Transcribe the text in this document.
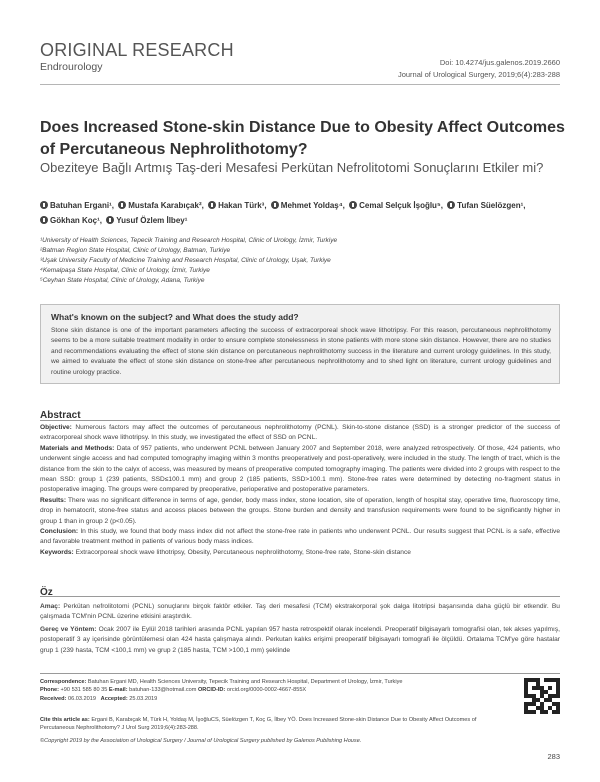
ORIGINAL RESEARCH
Endrourology	Doi: 10.4274/jus.galenos.2019.2660
Journal of Urological Surgery, 2019;6(4):283-288
Does Increased Stone-skin Distance Due to Obesity Affect Outcomes of Percutaneous Nephrolithotomy?
Obeziteye Bağlı Artmış Taş-deri Mesafesi Perkütan Nefrolitotomi Sonuçlarını Etkiler mi?
Batuhan Ergani¹, Mustafa Karabıçak², Hakan Türk³, Mehmet Yoldaş⁴, Cemal Selçuk İşoğlu⁵, Tufan Süelözgen¹,
Gökhan Koç¹, Yusuf Özlem İlbey¹
¹University of Health Sciences, Tepecik Training and Research Hospital, Clinic of Urology, İzmir, Turkiye
²Batman Region State Hospital, Clinic of Urology, Batman, Turkiye
³Uşak University Faculty of Medicine Training and Research Hospital, Clinic of Urology, Uşak, Turkiye
⁴Kemalpaşa State Hospital, Clinic of Urology, İzmir, Turkiye
⁵Ceyhan State Hospital, Clinic of Urology, Adana, Turkiye
What's known on the subject? and What does the study add?
Stone skin distance is one of the important parameters affecting the success of extracorporeal shock wave lithotripsy. For this reason, percutaneous nephrolithotomy seems to be a more suitable treatment modality in order to ensure complete stonelessness in stone patients with more stone skin distance. However, there are no studies and recommendations evaluating the effect of stone skin distance on percutaneous nephrolithotomy success in the literature and current urology guidelines. In this study, we aimed to evaluate the effect of stone skin distance on stone-free after percutaneous nephrolithotomy and to shed light on literature, current urology guidelines and routine urology practice.
Abstract

Objective: Numerous factors may affect the outcomes of percutaneous nephrolithotomy (PCNL). Skin-to-stone distance (SSD) is a stronger predictor of the success of extracorporeal shock wave lithotripsy. In this study, we investigated the effect of SSD on PCNL.

Materials and Methods: Data of 957 patients, who underwent PCNL between January 2007 and September 2018, were analyzed retrospectively. Of those, 424 patients, who underwent single access and had computed tomography imaging within 3 months preoperatively and post-operatively, were included in the study. The length of tract, which is the distance from the skin to the calyx of access, was measured by means of preoperative computed tomography imaging. The patients were divided into 2 groups with respect to the mean SSD: group 1 (239 patients, SSD≤100.1 mm) and group 2 (185 patients, SSD>100.1 mm). Stone-free rates were determined by detecting no-fragment status in postoperative imaging. The groups were compared by preoperative, perioperative and postoperative parameters.

Results: There was no significant difference in terms of age, gender, body mass index, stone location, site of operation, length of hospital stay, operative time, fluoroscopy time, drop in hematocrit, stone-free status and access places between the groups. Stone burden and density and transfusion requirements were found to be significantly higher in group 1 than in group 2 (p<0.05).

Conclusion: In this study, we found that body mass index did not affect the stone-free rate in patients who underwent PCNL. Our results suggest that PCNL is a safe, effective and favorable treatment method in patients of various body mass indices.

Keywords: Extracorporeal shock wave lithotripsy, Obesity, Percutaneous nephrolithotomy, Stone-free rate, Stone-skin distance

Öz

Amaç: Perkütan nefrolitotomi (PCNL) sonuçlarını birçok faktör etkiler. Taş deri mesafesi (TCM) ekstrakorporal şok dalga litotripsi başarısında daha güçlü bir etkendir. Bu çalışmada TCM'nin PCNL üzerine etkisini araştırdık.

Gereç ve Yöntem: Ocak 2007 ile Eylül 2018 tarihleri arasında PCNL yapılan 957 hasta retrospektif olarak incelendi. Preoperatif bilgisayarlı tomografisi olan, tek akses yapılmış, postoperatif 3 ay içerisinde görüntülemesi olan 424 hasta çalışmaya alındı. Perkutan kalıks erişimi preoperatif bilgisayarlı tomografi ile ölçüldü. Ortalama TCM'ye göre hastalar grup 1 (239 hasta, TCM <100,1 mm) ve grup 2 (185 hasta, TCM >100,1 mm) şeklinde

Correspondence: Batuhan Ergani MD, Health Sciences University, Tepecik Training and Research Hospital, Department of Urology, İzmir, Turkiye
Phone: +90 531 585 80 35 E-mail: batuhan-133@hotmail.com ORCID-ID: orcid.org/0000-0002-4667-855X
Received: 06.03.2019 Accepted: 25.03.2019
Cite this article as: Ergani B, Karabıçak M, Türk H, Yoldaş M, İşoğluCS, Süelözgen T, Koç G, İlbey YÖ. Does Increased Stone-skin Distance Due to Obesity Affect Outcomes of Percutaneous Nephrolithotomy? J Urol Surg 2019;6(4):283-288.
©Copyright 2019 by the Association of Urological Surgery / Journal of Urological Surgery published by Galenos Publishing House.
283
